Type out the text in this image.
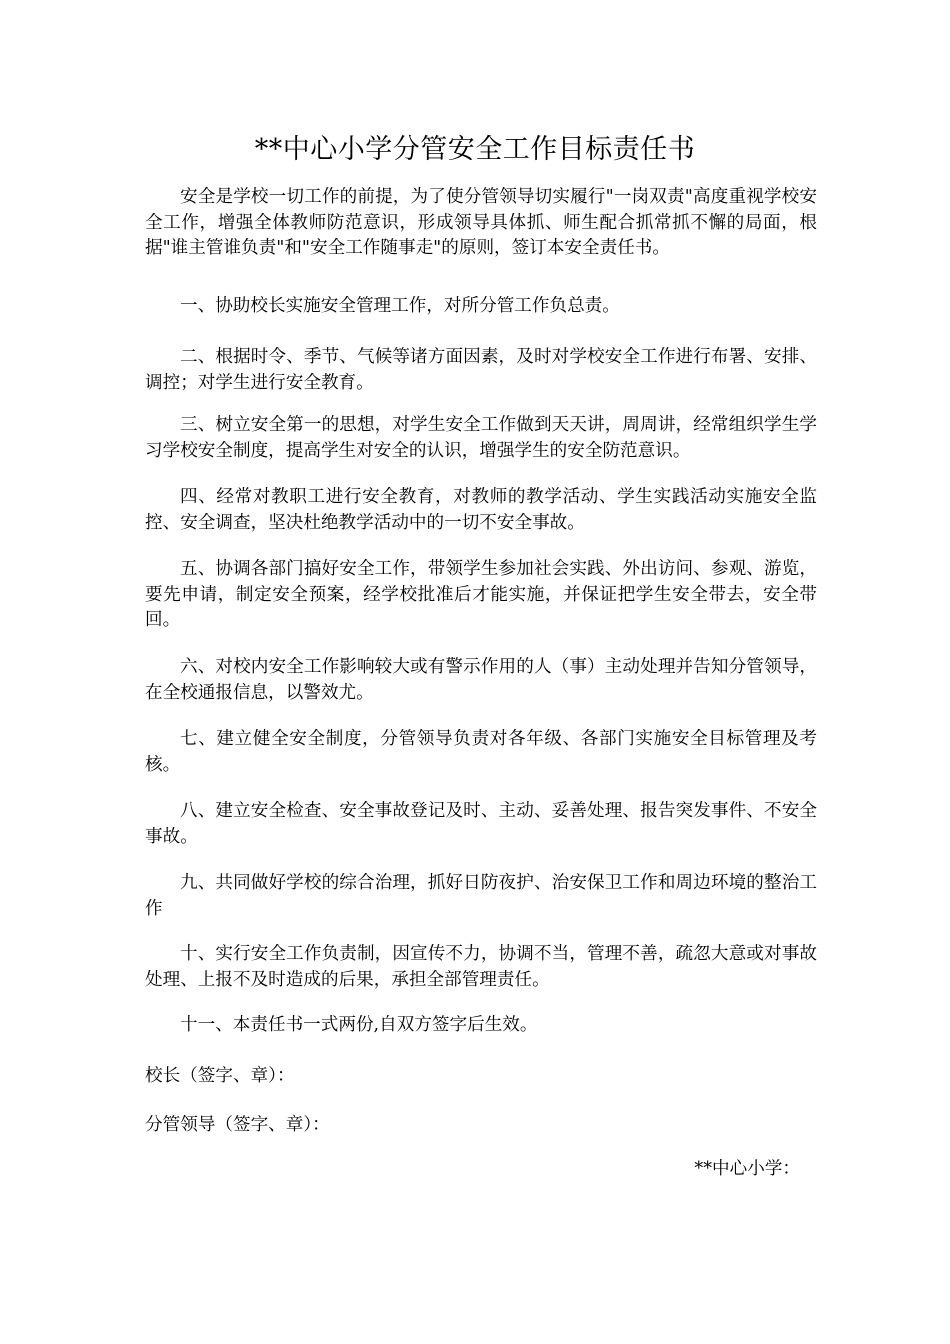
**中心小学分管安全工作目标责任书

安全是学校一切工作的前提，为了使分管领导切实履行"一岗双责"高度重视学校安全工作，增强全体教师防范意识，形成领导具体抓、师生配合抓常抓不懈的局面，根据"谁主管谁负责"和"安全工作随事走"的原则，签订本安全责任书。

一、协助校长实施安全管理工作，对所分管工作负总责。

二、根据时令、季节、气候等诸方面因素，及时对学校安全工作进行布署、安排、调控；对学生进行安全教育。

三、树立安全第一的思想，对学生安全工作做到天天讲，周周讲，经常组织学生学习学校安全制度，提高学生对安全的认识，增强学生的安全防范意识。

四、经常对教职工进行安全教育，对教师的教学活动、学生实践活动实施安全监控、安全调查，坚决杜绝教学活动中的一切不安全事故。

五、协调各部门搞好安全工作，带领学生参加社会实践、外出访问、参观、游览，要先申请，制定安全预案，经学校批准后才能实施，并保证把学生安全带去，安全带回。

六、对校内安全工作影响较大或有警示作用的人（事）主动处理并告知分管领导，在全校通报信息，以警效尤。

七、建立健全安全制度，分管领导负责对各年级、各部门实施安全目标管理及考核。

八、建立安全检查、安全事故登记及时、主动、妥善处理、报告突发事件、不安全事故。

九、共同做好学校的综合治理，抓好日防夜护、治安保卫工作和周边环境的整治工作

十、实行安全工作负责制，因宣传不力，协调不当，管理不善，疏忽大意或对事故处理、上报不及时造成的后果，承担全部管理责任。

十一、本责任书一式两份,自双方签字后生效。

校长（签字、章）：
分管领导（签字、章）：
**中心小学：
